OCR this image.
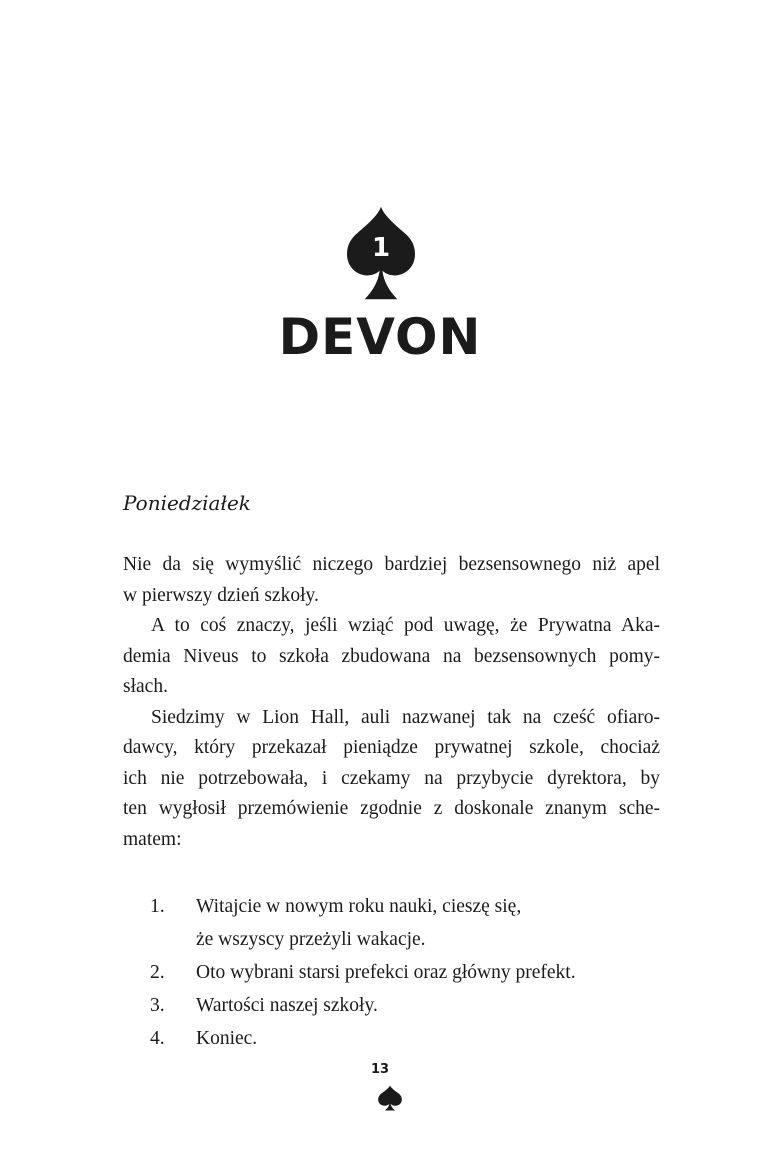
1
DEVON
Poniedziałek

Nie da się wymyślić niczego bardziej bezsensownego niż apel
w pierwszy dzień szkoły.

A to coś znaczy, jeśli wziąć pod uwagę, że Prywatna Aka-
demia Niveus to szkoła zbudowana na bezsensownych pomy-
słach.

Siedzimy w Lion Hall, auli nazwanej tak na cześć ofiaro-
dawcy, który przekazał pieniądze prywatnej szkole, chociaż
ich nie potrzebowała, i czekamy na przybycie dyrektora, by
ten wygłosił przemówienie zgodnie z doskonale znanym sche-
matem:

1. Witajcie w nowym roku nauki, cieszę się,
że wszyscy przeżyli wakacje.
2. Oto wybrani starsi prefekci oraz główny prefekt.
3. Wartości naszej szkoły.
4. Koniec.
13
